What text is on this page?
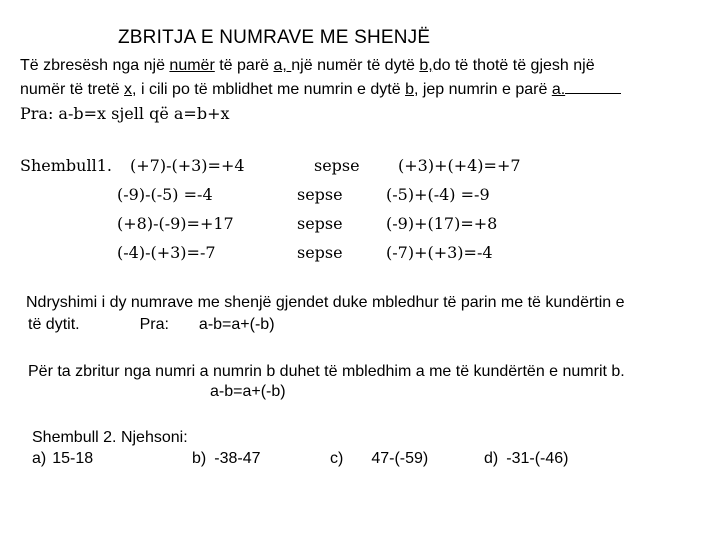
ZBRITJA E NUMRAVE ME SHENJË
Të zbresësh nga një numër të parë a, një numër të dytë b,do të thotë të gjesh një
numër të tretë x, i cili po të mblidhet me numrin e dytë b, jep numrin e parë a.
Pra: a-b=x sjell që a=b+x
Shembull1. (+7)-(+3)=+4	sepse (+3)+(+4)=+7
(-9)-(-5) =-4	sepse	(-5)+(-4) =-9
(+8)-(-9)=+17	sepse	(-9)+(17)=+8
(-4)-(+3)=-7	sepse	(-7)+(+3)=-4
Ndryshimi i dy numrave me shenjë gjendet duke mbledhur të parin me të kundërtin e
të dytit.	Pra: a-b=a+(-b)
Për ta zbritur nga numri a numrin b duhet të mbledhim a me të kundërtën e numrit b.
a-b=a+(-b)
Shembull 2. Njehsoni:
a) 15-18	b) -38-47	c) 47-(-59)	d) -31-(-46)
